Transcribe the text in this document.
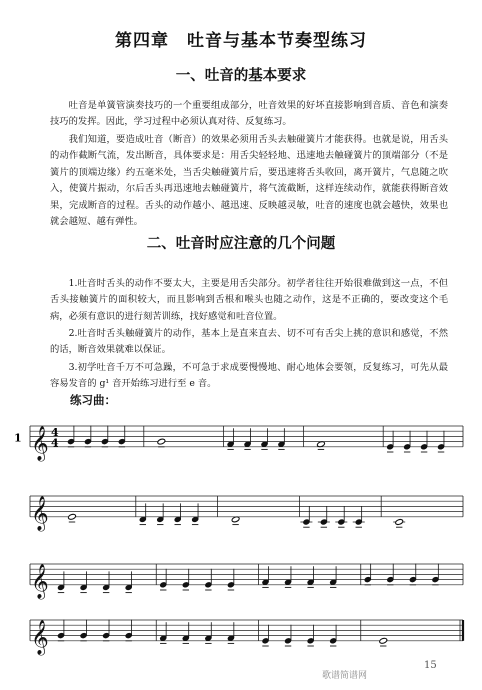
第四章　吐音与基本节奏型练习
一、吐音的基本要求

吐音是单簧管演奏技巧的一个重要组成部分，吐音效果的好坏直接影响到音质、音色和演奏技巧的发挥。因此，学习过程中必须认真对待、反复练习。

我们知道，要造成吐音（断音）的效果必须用舌头去触碰簧片才能获得。也就是说，用舌头的动作截断气流，发出断音，具体要求是：用舌尖轻轻地、迅速地去触碰簧片的顶端部分（不是簧片的顶端边缘）约五毫米处，当舌尖触碰簧片后，要迅速将舌头收回，离开簧片，气息随之吹入，使簧片振动，尔后舌头再迅速地去触碰簧片，将气流截断，这样连续动作，就能获得断音效果，完成断音的过程。舌头的动作越小、越迅速、反映越灵敏，吐音的速度也就会越快，效果也就会越短、越有弹性。

二、吐音时应注意的几个问题

1.吐音时舌头的动作不要太大，主要是用舌尖部分。初学者往往开始很难做到这一点，不但舌头接触簧片的面积较大，而且影响到舌根和喉头也随之动作，这是不正确的，要改变这个毛病，必须有意识的进行刻苦训练，找好感觉和吐音位置。

2.吐音时舌头触碰簧片的动作，基本上是直来直去、切不可有舌尖上挑的意识和感觉，不然的话，断音效果就难以保证。

3.初学吐音千万不可急躁，不可急于求成要慢慢地、耐心地体会要领，反复练习，可先从最容易发音的 g¹ 音开始练习进行至 e 音。

练习曲：
𝄞 4
4
1
𝄞
𝄞
𝄞
歌谱简谱网
15
